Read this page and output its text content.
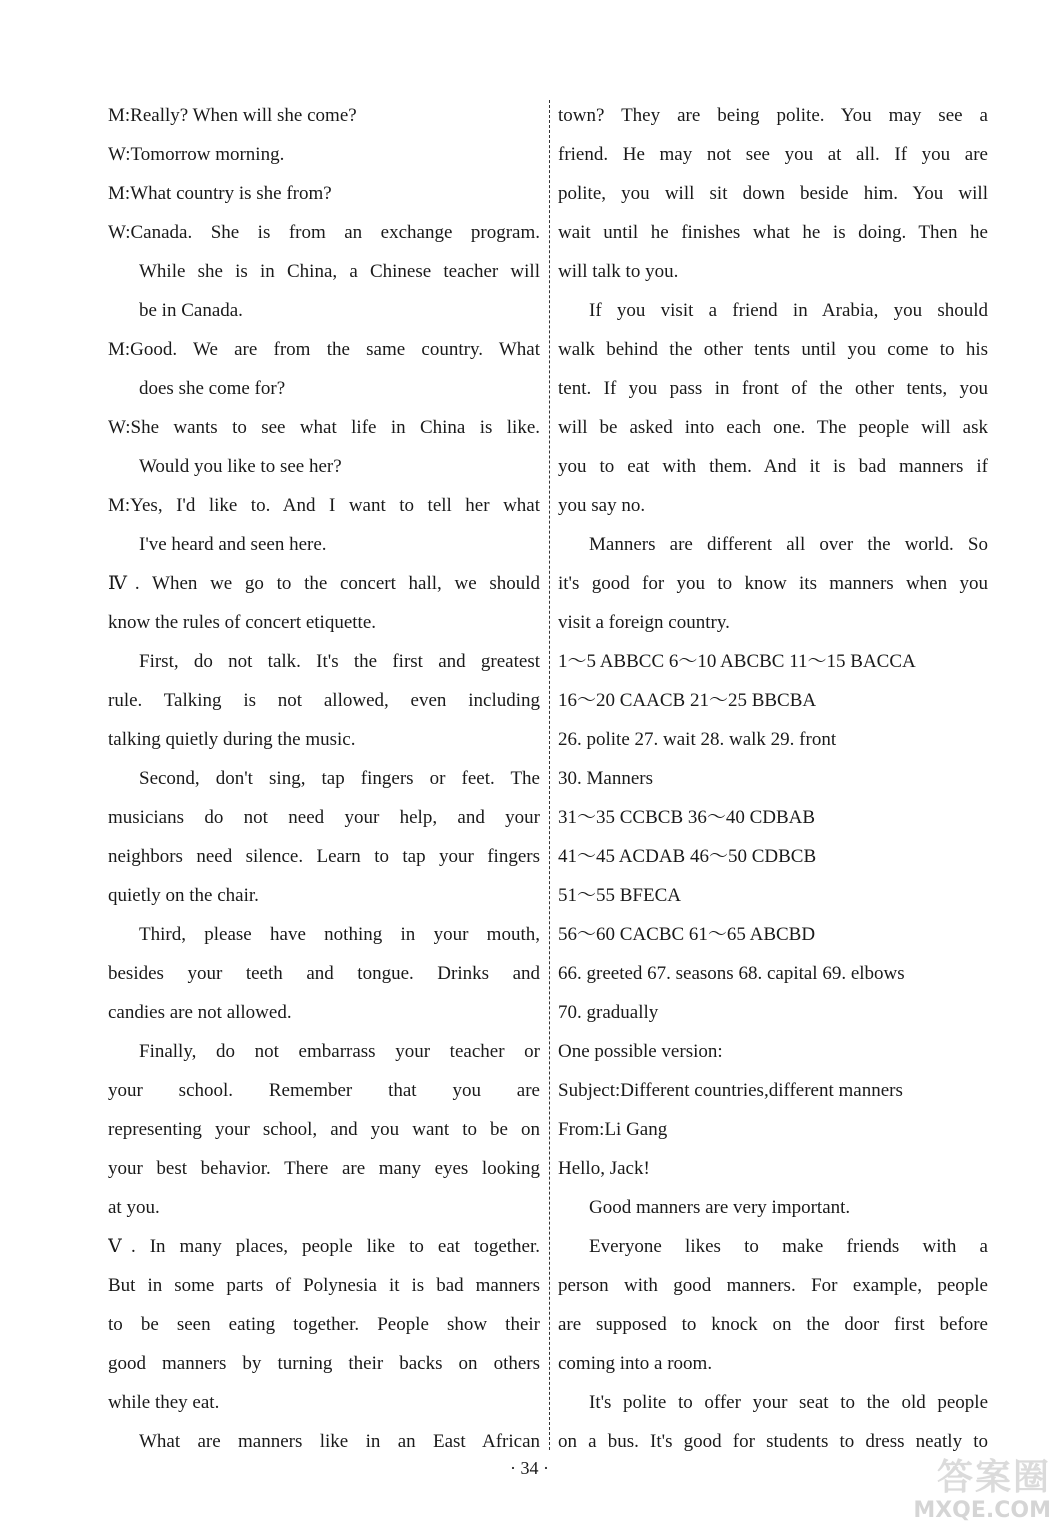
M:Really? When will she come?
W:Tomorrow morning.
M:What country is she from?
W:Canada. She is from an exchange program.
While she is in China, a Chinese teacher will
be in Canada.
M:Good. We are from the same country. What
does she come for?
W:She wants to see what life in China is like.
Would you like to see her?
M:Yes, I'd like to. And I want to tell her what
I've heard and seen here.
Ⅳ. When we go to the concert hall, we should
know the rules of concert etiquette.
First, do not talk. It's the first and greatest
rule. Talking is not allowed, even including
talking quietly during the music.
Second, don't sing, tap fingers or feet. The
musicians do not need your help, and your
neighbors need silence. Learn to tap your fingers
quietly on the chair.
Third, please have nothing in your mouth,
besides your teeth and tongue. Drinks and
candies are not allowed.
Finally, do not embarrass your teacher or
your school. Remember that you are
representing your school, and you want to be on
your best behavior. There are many eyes looking
at you.
Ⅴ. In many places, people like to eat together.
But in some parts of Polynesia it is bad manners
to be seen eating together. People show their
good manners by turning their backs on others
while they eat.
What are manners like in an East African
town? They are being polite. You may see a
friend. He may not see you at all. If you are
polite, you will sit down beside him. You will
wait until he finishes what he is doing. Then he
will talk to you.
If you visit a friend in Arabia, you should
walk behind the other tents until you come to his
tent. If you pass in front of the other tents, you
will be asked into each one. The people will ask
you to eat with them. And it is bad manners if
you say no.
Manners are different all over the world. So
it's good for you to know its manners when you
visit a foreign country.
1～5 ABBCC 6～10 ABCBC 11～15 BACCA
16～20 CAACB 21～25 BBCBA
26. polite 27. wait 28. walk 29. front
30. Manners
31～35 CCBCB 36～40 CDBAB
41～45 ACDAB 46～50 CDBCB
51～55 BFECA
56～60 CACBC 61～65 ABCBD
66. greeted 67. seasons 68. capital 69. elbows
70. gradually
One possible version:
Subject:Different countries,different manners
From:Li Gang
Hello, Jack!
Good manners are very important.
Everyone likes to make friends with a
person with good manners. For example, people
are supposed to knock on the door first before
coming into a room.
It's polite to offer your seat to the old people
on a bus. It's good for students to dress neatly to
· 34 ·	答案圈
MXQE.COM
